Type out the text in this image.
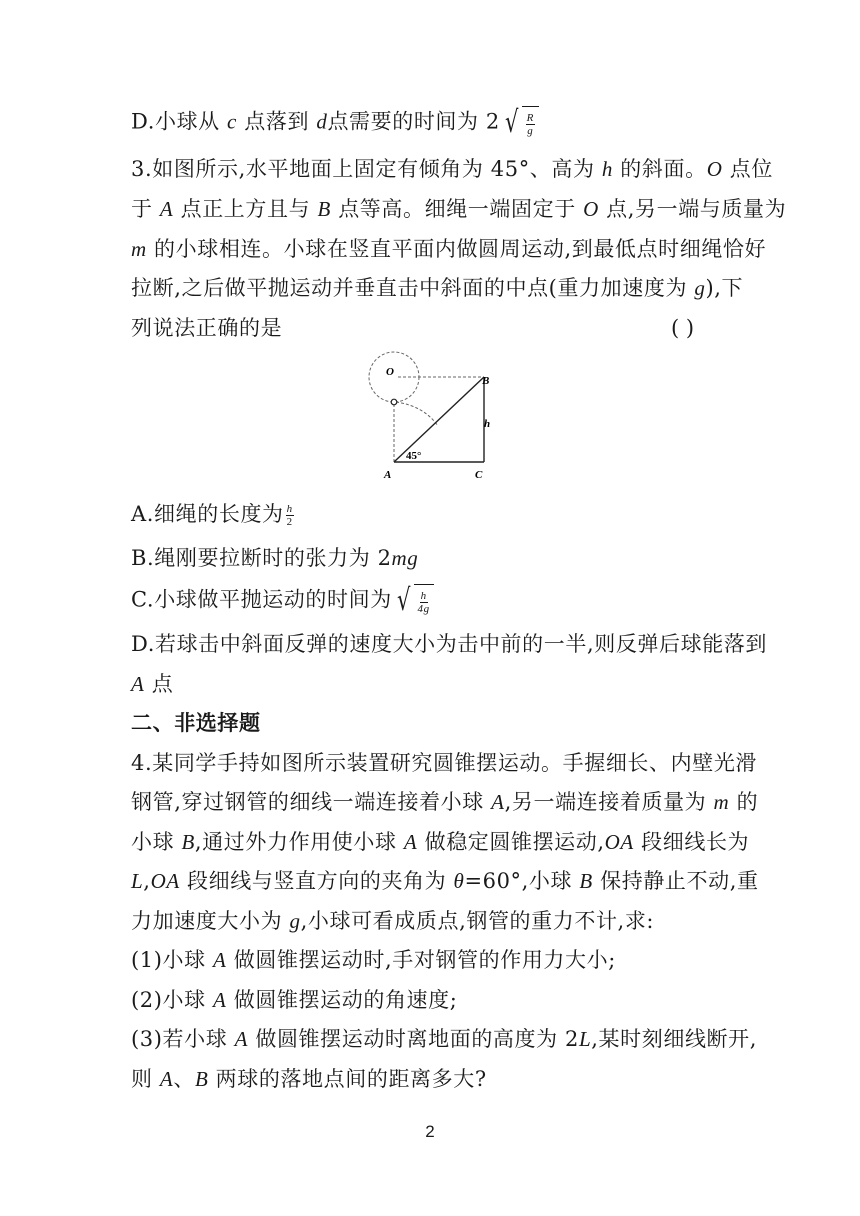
D.小球从 c 点落到 d点需要的时间为 2 √ $\frac{R}{g}$
3.如图所示,水平地面上固定有倾角为 45°、高为 h 的斜面。O 点位
于 A 点正上方且与 B 点等高。细绳一端固定于 O 点,另一端与质量为
m 的小球相连。小球在竖直平面内做圆周运动,到最低点时细绳恰好
拉断,之后做平抛运动并垂直击中斜面的中点(重力加速度为 g),下
列说法正确的是	( )
O
B
h
A	C
45°
A.细绳的长度为 $\frac{h}{2}$
B.绳刚要拉断时的张力为 2mg
C.小球做平抛运动的时间为 √ $\frac{h}{4g}$
D.若球击中斜面反弹的速度大小为击中前的一半,则反弹后球能落到
A 点
二、非选择题
4.某同学手持如图所示装置研究圆锥摆运动。手握细长、内壁光滑
钢管,穿过钢管的细线一端连接着小球 A,另一端连接着质量为 m 的
小球 B,通过外力作用使小球 A 做稳定圆锥摆运动,OA 段细线长为
L,OA 段细线与竖直方向的夹角为 θ=60°,小球 B 保持静止不动,重
力加速度大小为 g,小球可看成质点,钢管的重力不计,求:
(1)小球 A 做圆锥摆运动时,手对钢管的作用力大小;
(2)小球 A 做圆锥摆运动的角速度;
(3)若小球 A 做圆锥摆运动时离地面的高度为 2L,某时刻细线断开,
则 A、B 两球的落地点间的距离多大?
2
